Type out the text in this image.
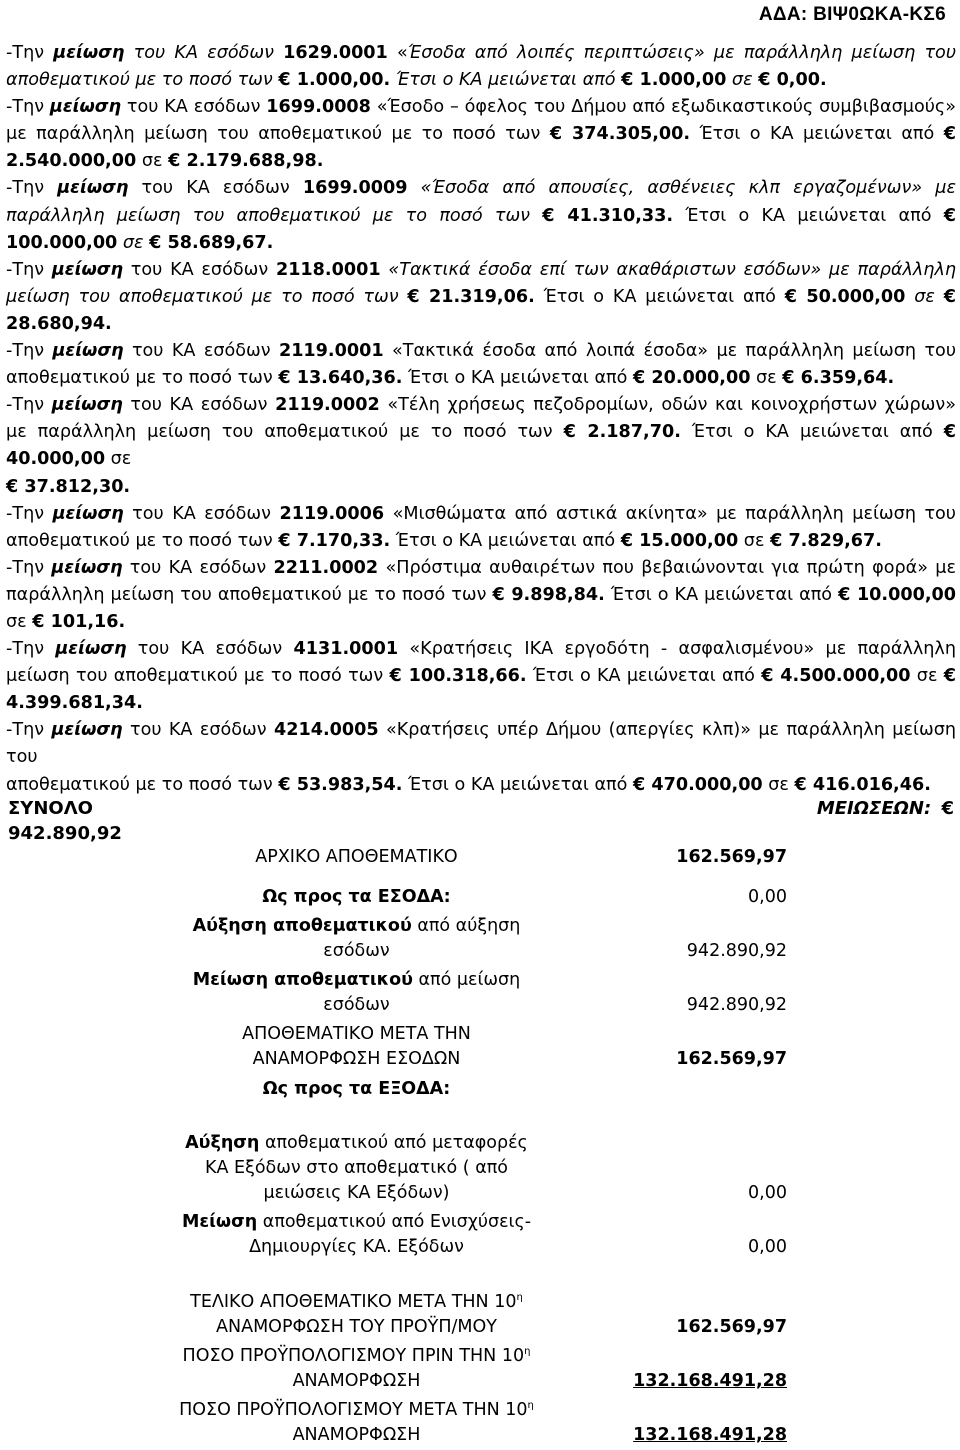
ΑΔΑ: ΒΙΨ0ΩΚΑ-ΚΣ6

-Την μείωση του ΚΑ εσόδων 1629.0001 «Έσοδα από λοιπές περιπτώσεις» με παράλληλη μείωση του αποθεματικού με το ποσό των € 1.000,00. Έτσι ο ΚΑ μειώνεται από € 1.000,00 σε € 0,00.

-Την μείωση του ΚΑ εσόδων 1699.0008 «Έσοδο – όφελος του Δήμου από εξωδικαστικούς συμβιβασμούς» με παράλληλη μείωση του αποθεματικού με το ποσό των € 374.305,00. Έτσι ο ΚΑ μειώνεται από € 2.540.000,00 σε € 2.179.688,98.

-Την μείωση του ΚΑ εσόδων 1699.0009 «Έσοδα από απουσίες, ασθένειες κλπ εργαζομένων» με παράλληλη μείωση του αποθεματικού με το ποσό των € 41.310,33. Έτσι ο ΚΑ μειώνεται από € 100.000,00 σε € 58.689,67.

-Την μείωση του ΚΑ εσόδων 2118.0001 «Τακτικά έσοδα επί των ακαθάριστων εσόδων» με παράλληλη μείωση του αποθεματικού με το ποσό των € 21.319,06. Έτσι ο ΚΑ μειώνεται από € 50.000,00 σε € 28.680,94.

-Την μείωση του ΚΑ εσόδων 2119.0001 «Τακτικά έσοδα από λοιπά έσοδα» με παράλληλη μείωση του αποθεματικού με το ποσό των € 13.640,36. Έτσι ο ΚΑ μειώνεται από € 20.000,00 σε € 6.359,64.

-Την μείωση του ΚΑ εσόδων 2119.0002 «Τέλη χρήσεως πεζοδρομίων, οδών και κοινοχρήστων χώρων» με παράλληλη μείωση του αποθεματικού με το ποσό των € 2.187,70. Έτσι ο ΚΑ μειώνεται από € 40.000,00 σε
€ 37.812,30.

-Την μείωση του ΚΑ εσόδων 2119.0006 «Μισθώματα από αστικά ακίνητα» με παράλληλη μείωση του αποθεματικού με το ποσό των € 7.170,33. Έτσι ο ΚΑ μειώνεται από € 15.000,00 σε € 7.829,67.

-Την μείωση του ΚΑ εσόδων 2211.0002 «Πρόστιμα αυθαιρέτων που βεβαιώνονται για πρώτη φορά» με παράλληλη μείωση του αποθεματικού με το ποσό των € 9.898,84. Έτσι ο ΚΑ μειώνεται από € 10.000,00 σε € 101,16.

-Την μείωση του ΚΑ εσόδων 4131.0001 «Κρατήσεις ΙΚΑ εργοδότη - ασφαλισμένου» με παράλληλη μείωση του αποθεματικού με το ποσό των € 100.318,66. Έτσι ο ΚΑ μειώνεται από € 4.500.000,00 σε € 4.399.681,34.

-Την μείωση του ΚΑ εσόδων 4214.0005 «Κρατήσεις υπέρ Δήμου (απεργίες κλπ)» με παράλληλη μείωση του
αποθεματικού με το ποσό των € 53.983,54. Έτσι ο ΚΑ μειώνεται από € 470.000,00 σε € 416.016,46.

ΣΥΝΟΛΟ
942.890,92
ΜΕΙΩΣΕΩΝ: €
ΑΡΧΙΚΟ ΑΠΟΘΕΜΑΤΙΚΟ	162.569,97
Ως προς τα ΕΣΟΔΑ:	0,00
Αύξηση αποθεματικού από αύξηση εσόδων	942.890,92
Μείωση αποθεματικού από μείωση εσόδων	942.890,92
ΑΠΟΘΕΜΑΤΙΚΟ ΜΕΤΑ ΤΗΝ ΑΝΑΜΟΡΦΩΣΗ ΕΣΟΔΩΝ	162.569,97
Ως προς τα ΕΞΟΔΑ:	
Αύξηση αποθεματικού από μεταφορές ΚΑ Εξόδων στο αποθεματικό ( από μειώσεις ΚΑ Εξόδων)	0,00
Μείωση αποθεματικού από Ενισχύσεις- Δημιουργίες ΚΑ. Εξόδων	0,00
ΤΕΛΙΚΟ ΑΠΟΘΕΜΑΤΙΚΟ ΜΕΤΑ ΤΗΝ $10^\eta$ ΑΝΑΜΟΡΦΩΣΗ ΤΟΥ ΠΡΟΫΠ/ΜΟΥ	162.569,97
ΠΟΣΟ ΠΡΟΫΠΟΛΟΓΙΣΜΟΥ ΠΡΙΝ ΤΗΝ $10^\eta$ ΑΝΑΜΟΡΦΩΣΗ	132.168.491,28
ΠΟΣΟ ΠΡΟΫΠΟΛΟΓΙΣΜΟΥ ΜΕΤΑ ΤΗΝ $10^\eta$ ΑΝΑΜΟΡΦΩΣΗ	132.168.491,28
